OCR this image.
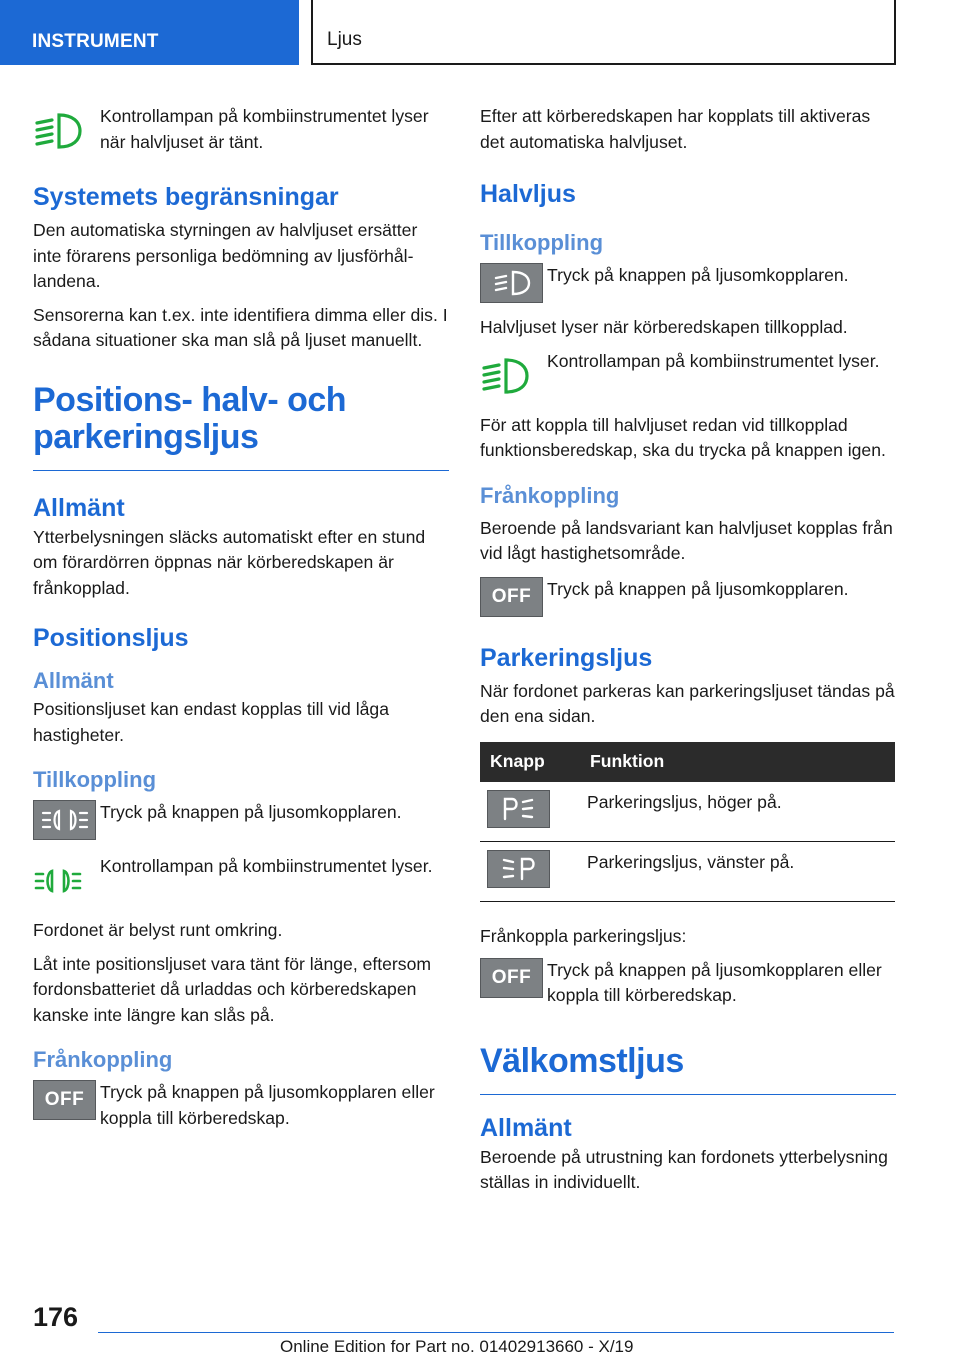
INSTRUMENT	Ljus
Kontrollampan på kombiinstrumentet lyser när halvljuset är tänt.
Systemets begränsningar

Den automatiska styrningen av halvljuset ersätter inte förarens personliga bedömning av ljusförhållandena.

Sensorerna kan t.ex. inte identifiera dimma eller dis. I sådana situationer ska man slå på ljuset manuellt.

Positions- halv- och parkeringsljus
Allmänt

Ytterbelysningen släcks automatiskt efter en stund om förardörren öppnas när körberedskapen är frånkopplad.

Positionsljus
Allmänt

Positionsljuset kan endast kopplas till vid låga hastigheter.

Tillkoppling
Tryck på knappen på ljusomkopplaren.
Kontrollampan på kombiinstrumentet lyser.

Fordonet är belyst runt omkring.

Låt inte positionsljuset vara tänt för länge, eftersom fordonsbatteriet då urladdas och körberedskapen kanske inte längre kan slås på.

Frånkoppling
OFF Tryck på knappen på ljusomkopplaren eller koppla till körberedskap.

Efter att körberedskapen har kopplats till aktiveras det automatiska halvljuset.

Halvljus
Tillkoppling
Tryck på knappen på ljusomkopplaren.

Halvljuset lyser när körberedskapen tillkopplad.

Kontrollampan på kombiinstrumentet lyser.

För att koppla till halvljuset redan vid tillkopplad funktionsberedskap, ska du trycka på knappen igen.

Frånkoppling

Beroende på landsvariant kan halvljuset kopplas från vid lågt hastighetsområde.

OFF Tryck på knappen på ljusomkopplaren.
Parkeringsljus

När fordonet parkeras kan parkeringsljuset tändas på den ena sidan.

Knapp	Funktion

	Parkeringsljus, höger på.

	Parkeringsljus, vänster på.

Frånkoppla parkeringsljus:

OFF Tryck på knappen på ljusomkopplaren eller koppla till körberedskap.
Välkomstljus
Allmänt

Beroende på utrustning kan fordonets ytterbelysning ställas in individuellt.

176
Online Edition for Part no. 01402913660 - X/19
